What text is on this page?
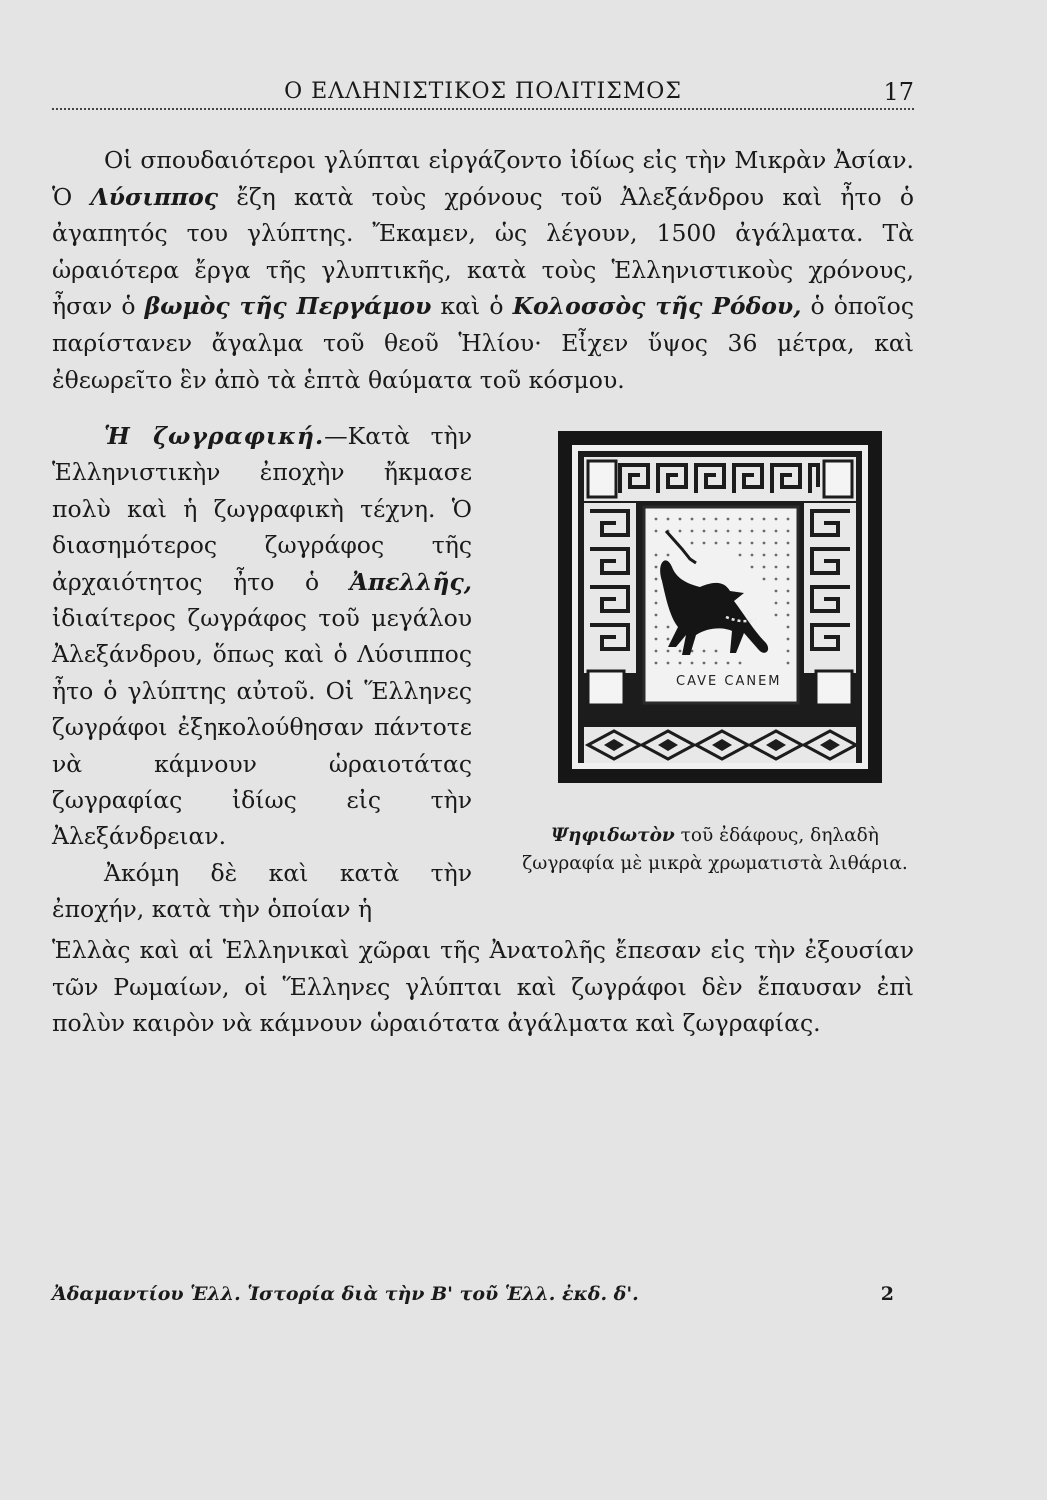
Ο ΕΛΛΗΝΙΣΤΙΚΟΣ ΠΟΛΙΤΙΣΜΟΣ	17

Οἱ σπουδαιότεροι γλύπται εἰργάζοντο ἰδίως εἰς τὴν Μικρὰν Ἀσίαν. Ὁ Λύσιππος ἔζη κατὰ τοὺς χρόνους τοῦ Ἀλεξάνδρου καὶ ἦτο ὁ ἀγαπητός του γλύπτης. Ἔκαμεν, ὡς λέγουν, 1500 ἀγάλματα. Τὰ ὡραιότερα ἔργα τῆς γλυπτικῆς, κατὰ τοὺς Ἑλληνιστικοὺς χρόνους, ἦσαν ὁ βωμὸς τῆς Περγάμου καὶ ὁ Κολοσσὸς τῆς Ρόδου, ὁ ὁποῖος παρίστανεν ἄγαλμα τοῦ θεοῦ Ἡλίου· Εἶχεν ὕψος 36 μέτρα, καὶ ἐθεωρεῖτο ἓν ἀπὸ τὰ ἑπτὰ θαύματα τοῦ κόσμου.

Ἡ ζωγραφική.—Κατὰ τὴν Ἑλληνιστικὴν ἐποχὴν ἤκμασε πολὺ καὶ ἡ ζωγραφικὴ τέχνη. Ὁ διασημότερος ζωγράφος τῆς ἀρχαιότητος ἦτο ὁ Ἀπελλῆς, ἰδιαίτερος ζωγράφος τοῦ μεγάλου Ἀλεξάνδρου, ὅπως καὶ ὁ Λύσιππος ἦτο ὁ γλύπτης αὐτοῦ. Οἱ Ἕλληνες ζωγράφοι ἐξηκολούθησαν πάντοτε νὰ κάμνουν ὡραιοτάτας ζωγραφίας ἰδίως εἰς τὴν Ἀλεξάνδρειαν.

Ἀκόμη δὲ καὶ κατὰ τὴν ἐποχήν, κατὰ τὴν ὁποίαν ἡ

Ἑλλὰς καὶ αἱ Ἑλληνικαὶ χῶραι τῆς Ἀνατολῆς ἔπεσαν εἰς τὴν ἐξουσίαν τῶν Ρωμαίων, οἱ Ἕλληνες γλύπται καὶ ζωγράφοι δὲν ἔπαυσαν ἐπὶ πολὺν καιρὸν νὰ κάμνουν ὡραιότατα ἀγάλματα καὶ ζωγραφίας.

CAVE CANEM
Ψηφιδωτὸν τοῦ ἐδάφους, δηλαδὴ ζωγραφία μὲ μικρὰ χρωματιστὰ λιθάρια.
Ἀδαμαντίου Ἑλλ. Ἱστορία διὰ τὴν Β' τοῦ Ἑλλ. ἐκδ. δ'.	2
